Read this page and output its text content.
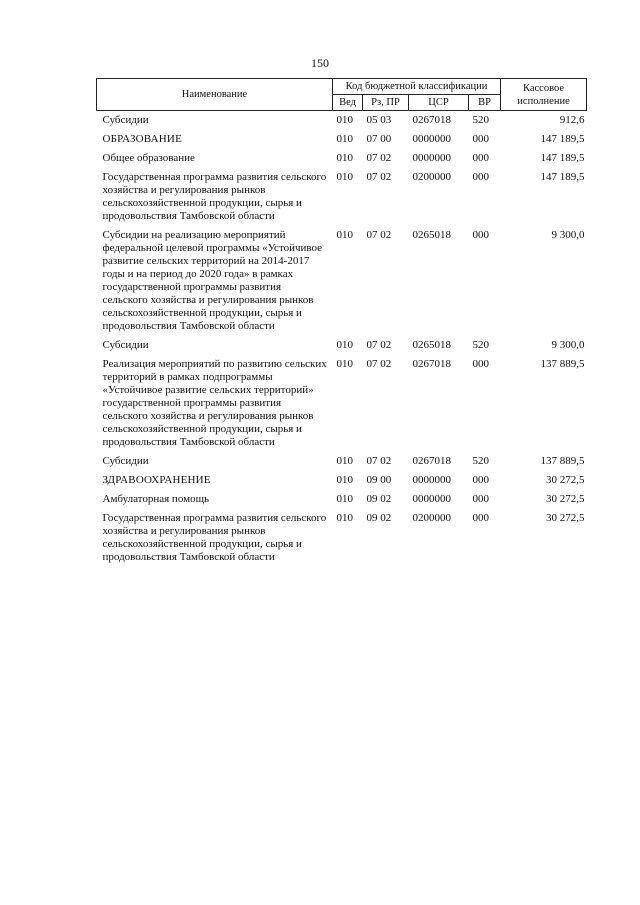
150
Наименование	Код бюджетной классификации				Кассовое
исполнение
	Вед	Рз, ПР	ЦСР	ВР	
Субсидии	010	05 03	0267018	520	912,6
ОБРАЗОВАНИЕ	010	07 00	0000000	000	147 189,5
Общее образование	010	07 02	0000000	000	147 189,5
Государственная программа развития сельского хозяйства и регулирования рынков сельскохозяйственной продукции, сырья и продовольствия Тамбовской области	010	07 02	0200000	000	147 189,5
Субсидии на реализацию мероприятий федеральной целевой программы «Устойчивое развитие сельских территорий на 2014-2017 годы и на период до 2020 года» в рамках государственной программы развития сельского хозяйства и регулирования рынков сельскохозяйственной продукции, сырья и продовольствия Тамбовской области	010	07 02	0265018	000	9 300,0
Субсидии	010	07 02	0265018	520	9 300,0
Реализация мероприятий по развитию сельских территорий в рамках подпрограммы «Устойчивое развитие сельских территорий» государственной программы развития сельского хозяйства и регулирования рынков сельскохозяйственной продукции, сырья и продовольствия Тамбовской области	010	07 02	0267018	000	137 889,5
Субсидии	010	07 02	0267018	520	137 889,5
ЗДРАВООХРАНЕНИЕ	010	09 00	0000000	000	30 272,5
Амбулаторная помощь	010	09 02	0000000	000	30 272,5
Государственная программа развития сельского хозяйства и регулирования рынков сельскохозяйственной продукции, сырья и продовольствия Тамбовской области	010	09 02	0200000	000	30 272,5
